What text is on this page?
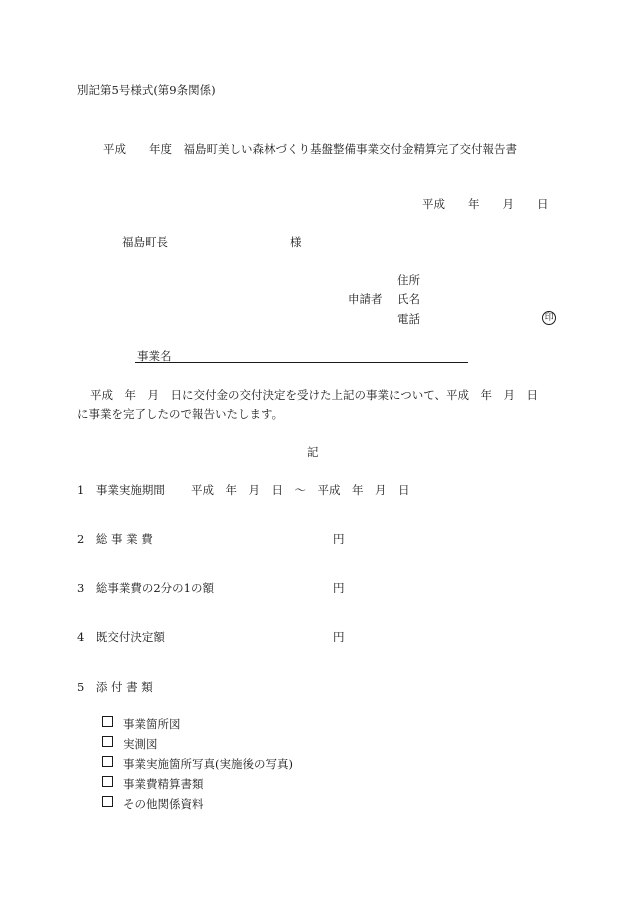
別記第5号様式(第9条関係)
平成　　年度　福島町美しい森林づくり基盤整備事業交付金精算完了交付報告書
平成　　年　　月　　日
福島町長	様
住所
申請者 氏名

印

電話
事業名
平成　年　月　日に交付金の交付決定を受けた上記の事業について、平成　年　月　日
に事業を完了したので報告いたします。
記
1　事業実施期間 平成　年　月　日　〜　平成　年　月　日
2　総 事 業 費	円
3　総事業費の2分の1の額	円
4　既交付決定額	円
5　添 付 書 類
事業箇所図
実測図
事業実施箇所写真(実施後の写真)
事業費精算書類
その他関係資料
